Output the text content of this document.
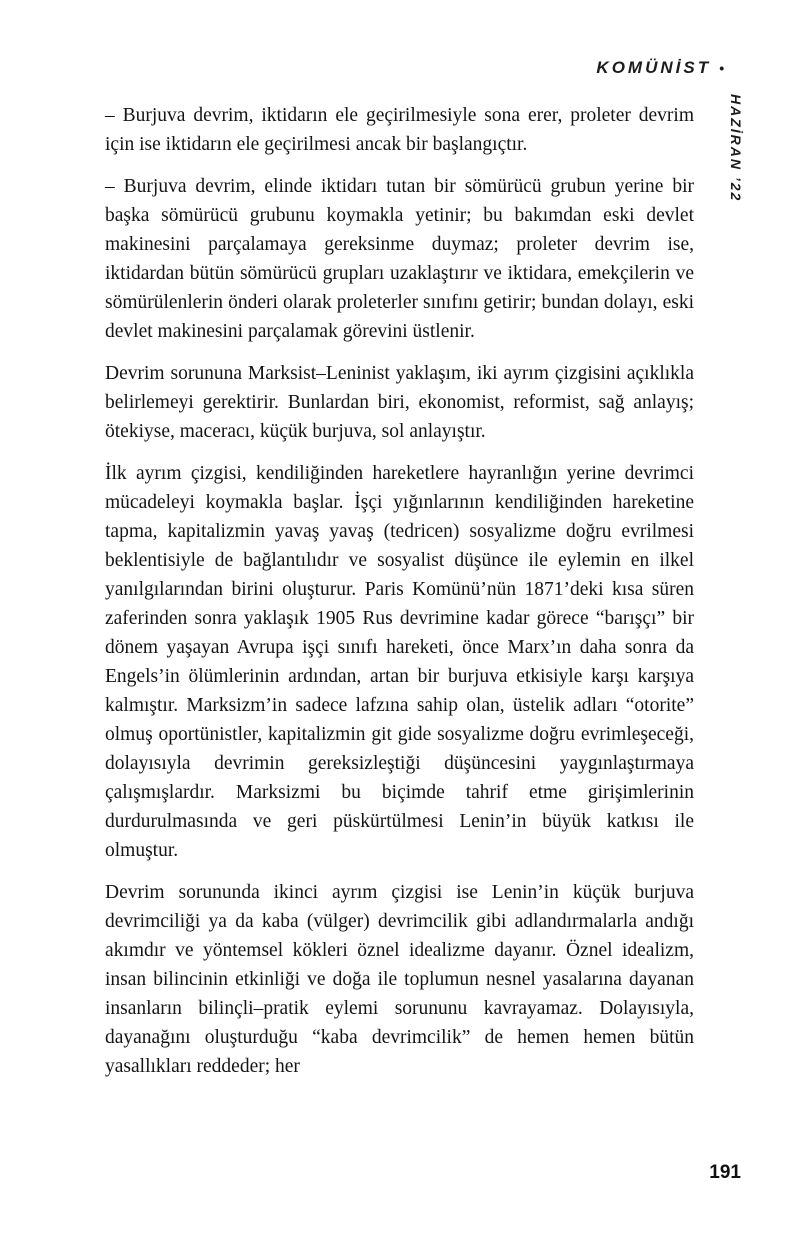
KOMÜNİST •
HAZİRAN ’22

– Burjuva devrim, iktidarın ele geçirilmesiyle sona erer, proleter devrim için ise iktidarın ele geçirilmesi ancak bir başlangıçtır.

– Burjuva devrim, elinde iktidarı tutan bir sömürücü grubun yerine bir başka sömürücü grubunu koymakla yetinir; bu bakımdan eski devlet makinesini parçalamaya gereksinme duymaz; proleter devrim ise, iktidardan bütün sömürücü grupları uzaklaştırır ve iktidara, emekçilerin ve sömürülenlerin önderi olarak proleterler sınıfını getirir; bundan dolayı, eski devlet makinesini parçalamak görevini üstlenir.

Devrim sorununa Marksist–Leninist yaklaşım, iki ayrım çizgisini açıklıkla belirlemeyi gerektirir. Bunlardan biri, ekonomist, reformist, sağ anlayış; ötekiyse, maceracı, küçük burjuva, sol anlayıştır.

İlk ayrım çizgisi, kendiliğinden hareketlere hayranlığın yerine devrimci mücadeleyi koymakla başlar. İşçi yığınlarının kendiliğinden hareketine tapma, kapitalizmin yavaş yavaş (tedricen) sosyalizme doğru evrilmesi beklentisiyle de bağlantılıdır ve sosyalist düşünce ile eylemin en ilkel yanılgılarından birini oluşturur. Paris Komünü’nün 1871’deki kısa süren zaferinden sonra yaklaşık 1905 Rus devrimine kadar görece “barışçı” bir dönem yaşayan Avrupa işçi sınıfı hareketi, önce Marx’ın daha sonra da Engels’in ölümlerinin ardından, artan bir burjuva etkisiyle karşı karşıya kalmıştır. Marksizm’in sadece lafzına sahip olan, üstelik adları “otorite” olmuş oportünistler, kapitalizmin git gide sosyalizme doğru evrimleşeceği, dolayısıyla devrimin gereksizleştiği düşüncesini yaygınlaştırmaya çalışmışlardır. Marksizmi bu biçimde tahrif etme girişimlerinin durdurulmasında ve geri püskürtülmesi Lenin’in büyük katkısı ile olmuştur.

Devrim sorununda ikinci ayrım çizgisi ise Lenin’in küçük burjuva devrimciliği ya da kaba (vülger) devrimcilik gibi adlandırmalarla andığı akımdır ve yöntemsel kökleri öznel idealizme dayanır. Öznel idealizm, insan bilincinin etkinliği ve doğa ile toplumun nesnel yasalarına dayanan insanların bilinçli–pratik eylemi sorununu kavrayamaz. Dolayısıyla, dayanağını oluşturduğu “kaba devrimcilik” de hemen hemen bütün yasallıkları reddeder; her

191
